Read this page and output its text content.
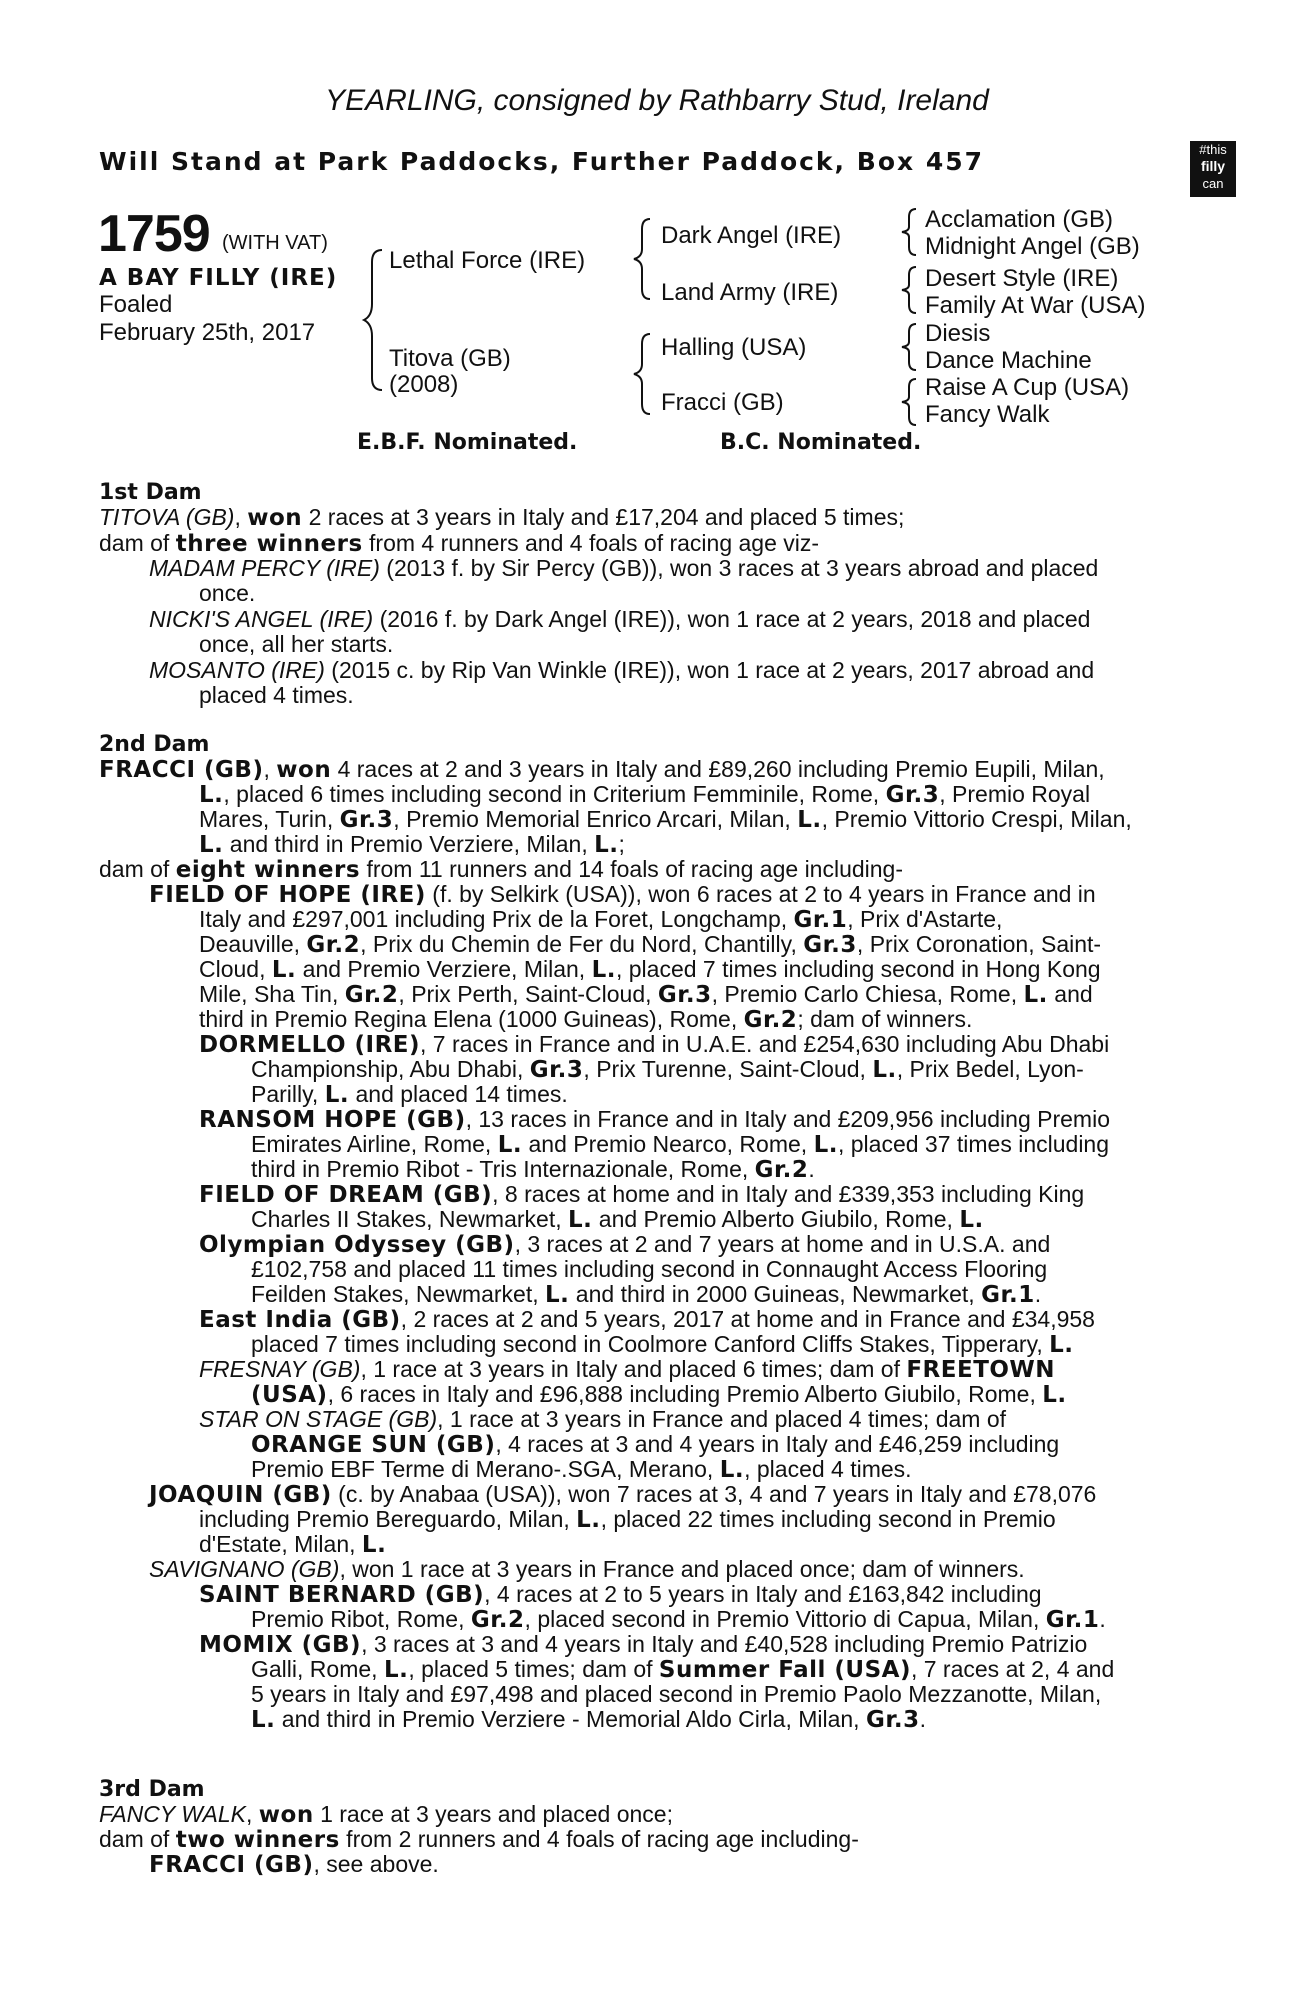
YEARLING, consigned by Rathbarry Stud, Ireland
Will Stand at Park Paddocks, Further Paddock, Box 457	#this
filly
can
1759 (WITH VAT)
A BAY FILLY (IRE)
Foaled
February 25th, 2017
Lethal Force (IRE)
Titova (GB)
(2008)
Dark Angel (IRE)
Land Army (IRE)
Halling (USA)
Fracci (GB)
Acclamation (GB)
Midnight Angel (GB)
Desert Style (IRE)
Family At War (USA)
Diesis
Dance Machine
Raise A Cup (USA)
Fancy Walk
E.B.F. Nominated.	B.C. Nominated.
1st Dam
TITOVA (GB), won 2 races at 3 years in Italy and £17,204 and placed 5 times;
dam of three winners from 4 runners and 4 foals of racing age viz-
MADAM PERCY (IRE) (2013 f. by Sir Percy (GB)), won 3 races at 3 years abroad and placed
once.
NICKI'S ANGEL (IRE) (2016 f. by Dark Angel (IRE)), won 1 race at 2 years, 2018 and placed
once, all her starts.
MOSANTO (IRE) (2015 c. by Rip Van Winkle (IRE)), won 1 race at 2 years, 2017 abroad and
placed 4 times.
2nd Dam
FRACCI (GB), won 4 races at 2 and 3 years in Italy and £89,260 including Premio Eupili, Milan,
L., placed 6 times including second in Criterium Femminile, Rome, Gr.3, Premio Royal
Mares, Turin, Gr.3, Premio Memorial Enrico Arcari, Milan, L., Premio Vittorio Crespi, Milan,
L. and third in Premio Verziere, Milan, L.;
dam of eight winners from 11 runners and 14 foals of racing age including-
FIELD OF HOPE (IRE) (f. by Selkirk (USA)), won 6 races at 2 to 4 years in France and in
Italy and £297,001 including Prix de la Foret, Longchamp, Gr.1, Prix d'Astarte,
Deauville, Gr.2, Prix du Chemin de Fer du Nord, Chantilly, Gr.3, Prix Coronation, Saint-
Cloud, L. and Premio Verziere, Milan, L., placed 7 times including second in Hong Kong
Mile, Sha Tin, Gr.2, Prix Perth, Saint-Cloud, Gr.3, Premio Carlo Chiesa, Rome, L. and
third in Premio Regina Elena (1000 Guineas), Rome, Gr.2; dam of winners.
DORMELLO (IRE), 7 races in France and in U.A.E. and £254,630 including Abu Dhabi
Championship, Abu Dhabi, Gr.3, Prix Turenne, Saint-Cloud, L., Prix Bedel, Lyon-
Parilly, L. and placed 14 times.
RANSOM HOPE (GB), 13 races in France and in Italy and £209,956 including Premio
Emirates Airline, Rome, L. and Premio Nearco, Rome, L., placed 37 times including
third in Premio Ribot - Tris Internazionale, Rome, Gr.2.
FIELD OF DREAM (GB), 8 races at home and in Italy and £339,353 including King
Charles II Stakes, Newmarket, L. and Premio Alberto Giubilo, Rome, L.
Olympian Odyssey (GB), 3 races at 2 and 7 years at home and in U.S.A. and
£102,758 and placed 11 times including second in Connaught Access Flooring
Feilden Stakes, Newmarket, L. and third in 2000 Guineas, Newmarket, Gr.1.
East India (GB), 2 races at 2 and 5 years, 2017 at home and in France and £34,958
placed 7 times including second in Coolmore Canford Cliffs Stakes, Tipperary, L.
FRESNAY (GB), 1 race at 3 years in Italy and placed 6 times; dam of FREETOWN
(USA), 6 races in Italy and £96,888 including Premio Alberto Giubilo, Rome, L.
STAR ON STAGE (GB), 1 race at 3 years in France and placed 4 times; dam of
ORANGE SUN (GB), 4 races at 3 and 4 years in Italy and £46,259 including
Premio EBF Terme di Merano-.SGA, Merano, L., placed 4 times.
JOAQUIN (GB) (c. by Anabaa (USA)), won 7 races at 3, 4 and 7 years in Italy and £78,076
including Premio Bereguardo, Milan, L., placed 22 times including second in Premio
d'Estate, Milan, L.
SAVIGNANO (GB), won 1 race at 3 years in France and placed once; dam of winners.
SAINT BERNARD (GB), 4 races at 2 to 5 years in Italy and £163,842 including
Premio Ribot, Rome, Gr.2, placed second in Premio Vittorio di Capua, Milan, Gr.1.
MOMIX (GB), 3 races at 3 and 4 years in Italy and £40,528 including Premio Patrizio
Galli, Rome, L., placed 5 times; dam of Summer Fall (USA), 7 races at 2, 4 and
5 years in Italy and £97,498 and placed second in Premio Paolo Mezzanotte, Milan,
L. and third in Premio Verziere - Memorial Aldo Cirla, Milan, Gr.3.
3rd Dam
FANCY WALK, won 1 race at 3 years and placed once;
dam of two winners from 2 runners and 4 foals of racing age including-
FRACCI (GB), see above.
